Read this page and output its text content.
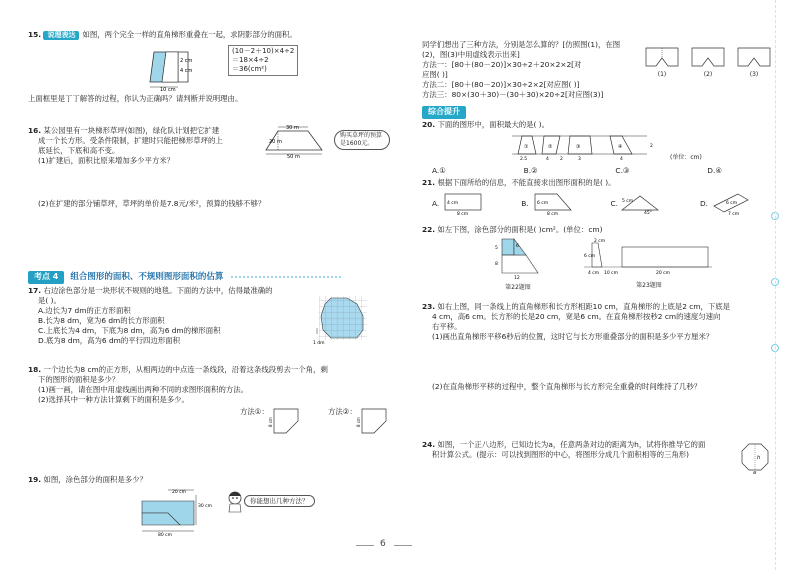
15. 说理表达 如图，两个完全一样的直角梯形重叠在一起，求阴影部分的面积。
10 cm
2 cm
4 cm
(10－2＋10)×4÷2
＝18×4÷2
＝36(cm²)
上面框里是丁丁解答的过程，你认为正确吗？请判断并说明理由。
16. 某公园里有一块梯形草坪(如图)，绿化队计划把它扩建
成一个长方形。受条件限制，扩建时只能把梯形草坪的上
底延长，下底和高不变。
(1)扩建后，面积比原来增加多少平方米？
(2)在扩建的部分铺草坪，草坪的单价是7.8元/米²，预算的钱够不够？
30 m
20 m
50 m
购买草坪的预算是1600元。
考点 4	组合图形的面积、不规则图形面积的估算
17. 右边涂色部分是一块形状不规则的地毯。下面的方法中，估得最准确的
是( )。
A.边长为7 dm的正方形面积
B.长为8 dm，宽为6 dm的长方形面积
C.上底长为4 dm，下底为8 dm，高为6 dm的梯形面积
D.底为8 dm，高为6 dm的平行四边形面积	1 dm
18. 一个边长为8 cm的正方形，从相两边的中点连一条线段，沿着这条线段剪去一个角，剩
下的图形的面积是多少？
(1)画一画，请在图中用虚线画出两种不同的求图形面积的方法。
(2)选择其中一种方法计算剩下的面积是多少。
方法①：
8 cm
方法②：
8 cm
19. 如图，涂色部分的面积是多少？
20 cm
30 cm
80 cm
你能想出几种方法？
同学们想出了三种方法，分别是怎么算的？[仿照图(1)，在图(2)，图(3)中用虚线表示出来]
方法一：[80＋(80－20)]×30÷2＋20×2×2[对
应图( )]
方法二：[80＋(80－20)]×30÷2×2[对应图( )]
方法三：80×(30＋30)－(30＋30)×20÷2[对应图(3)]
(1)	(2)	(3)
综合提升
20. 下面的图形中，面积最大的是( )。
①	②	③	④
2.5	4 2	3	4
2
(单位：cm)
A.①	B.②	C.③	D.④
21. 根据下面所给的信息，不能直接求出图形面积的是( )。
A. 4 cm
8 cm
B. 6 cm
8 cm
C. 5 cm
45°
D.	6 cm
7 cm
22. 如左下图，涂色部分的面积是( )cm²。(单位：cm)
5
12
6
8
第22题图
2 cm
6 cm
4 cm 10 cm	20 cm
第23题图
23. 如右上图，同一条线上的直角梯形和长方形相距10 cm，直角梯形的上底是2 cm，下底是
4 cm，高6 cm。长方形的长是20 cm，宽是6 cm。在直角梯形按秒2 cm的速度匀速向
右平移。
(1)画出直角梯形平移6秒后的位置，这时它与长方形重叠部分的面积是多少平方厘米？
(2)在直角梯形平移的过程中，整个直角梯形与长方形完全重叠的时间维持了几秒？
24. 如图，一个正八边形，已知边长为a，任意两条对边的距离为h，试将你推导它的面
积计算公式。(提示：可以找到图形的中心，将图形分成几个面积相等的三角形)	h
a
6
